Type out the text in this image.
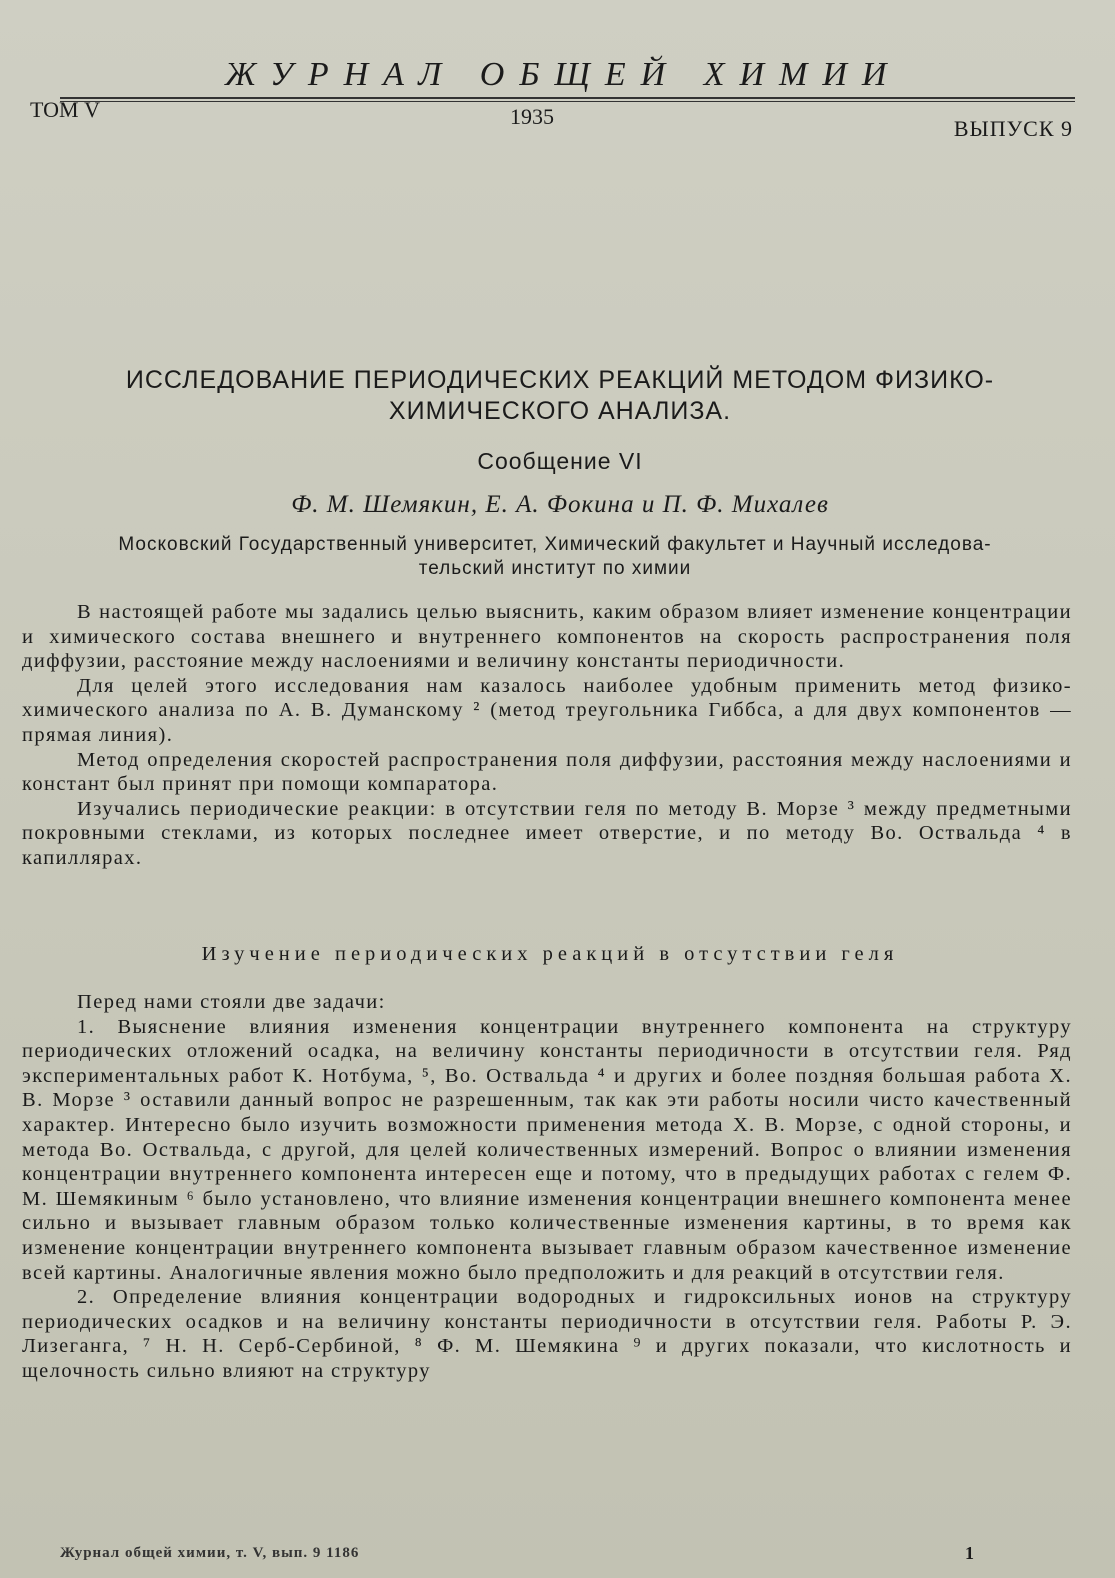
ЖУРНАЛ ОБЩЕЙ ХИМИИ
ТОМ V	1935	ВЫПУСК 9
ИССЛЕДОВАНИЕ ПЕРИОДИЧЕСКИХ РЕАКЦИЙ МЕТОДОМ ФИЗИКО-
ХИМИЧЕСКОГО АНАЛИЗА.
Сообщение VI
Ф. М. Шемякин, Е. А. Фокина и П. Ф. Михалев
Московский Государственный университет, Химический факультет и Научный исследова-
тельский институт по химии

В настоящей работе мы задались целью выяснить, каким образом влияет изменение концентрации и химического состава внешнего и внутреннего компонентов на скорость распространения поля диффузии, расстояние между наслоениями и величину константы периодичности.

Для целей этого исследования нам казалось наиболее удобным применить метод физико-химического анализа по А. В. Думанскому ² (метод треугольника Гиббса, а для двух компонентов — прямая линия).

Метод определения скоростей распространения поля диффузии, расстояния между наслоениями и констант был принят при помощи компаратора.

Изучались периодические реакции: в отсутствии геля по методу В. Морзе ³ между предметными покровными стеклами, из которых последнее имеет отверстие, и по методу Во. Оствальда ⁴ в капиллярах.

Изучение периодических реакций в отсутствии геля

Перед нами стояли две задачи:

1. Выяснение влияния изменения концентрации внутреннего компонента на структуру периодических отложений осадка, на величину константы периодичности в отсутствии геля. Ряд экспериментальных работ К. Нотбума, ⁵, Во. Оствальда ⁴ и других и более поздняя большая работа Х. В. Морзе ³ оставили данный вопрос не разрешенным, так как эти работы носили чисто качественный характер. Интересно было изучить возможности применения метода Х. В. Морзе, с одной стороны, и метода Во. Оствальда, с другой, для целей количественных измерений. Вопрос о влиянии изменения концентрации внутреннего компонента интересен еще и потому, что в предыдущих работах с гелем Ф. М. Шемякиным ⁶ было установлено, что влияние изменения концентрации внешнего компонента менее сильно и вызывает главным образом только количественные изменения картины, в то время как изменение концентрации внутреннего компонента вызывает главным образом качественное изменение всей картины. Аналогичные явления можно было предположить и для реакций в отсутствии геля.

2. Определение влияния концентрации водородных и гидроксильных ионов на структуру периодических осадков и на величину константы периодичности в отсутствии геля. Работы Р. Э. Лизеганга, ⁷ Н. Н. Серб-Сербиной, ⁸ Ф. М. Шемякина ⁹ и других показали, что кислотность и щелочность сильно влияют на структуру

Журнал общей химии, т. V, вып. 9 1186	1
